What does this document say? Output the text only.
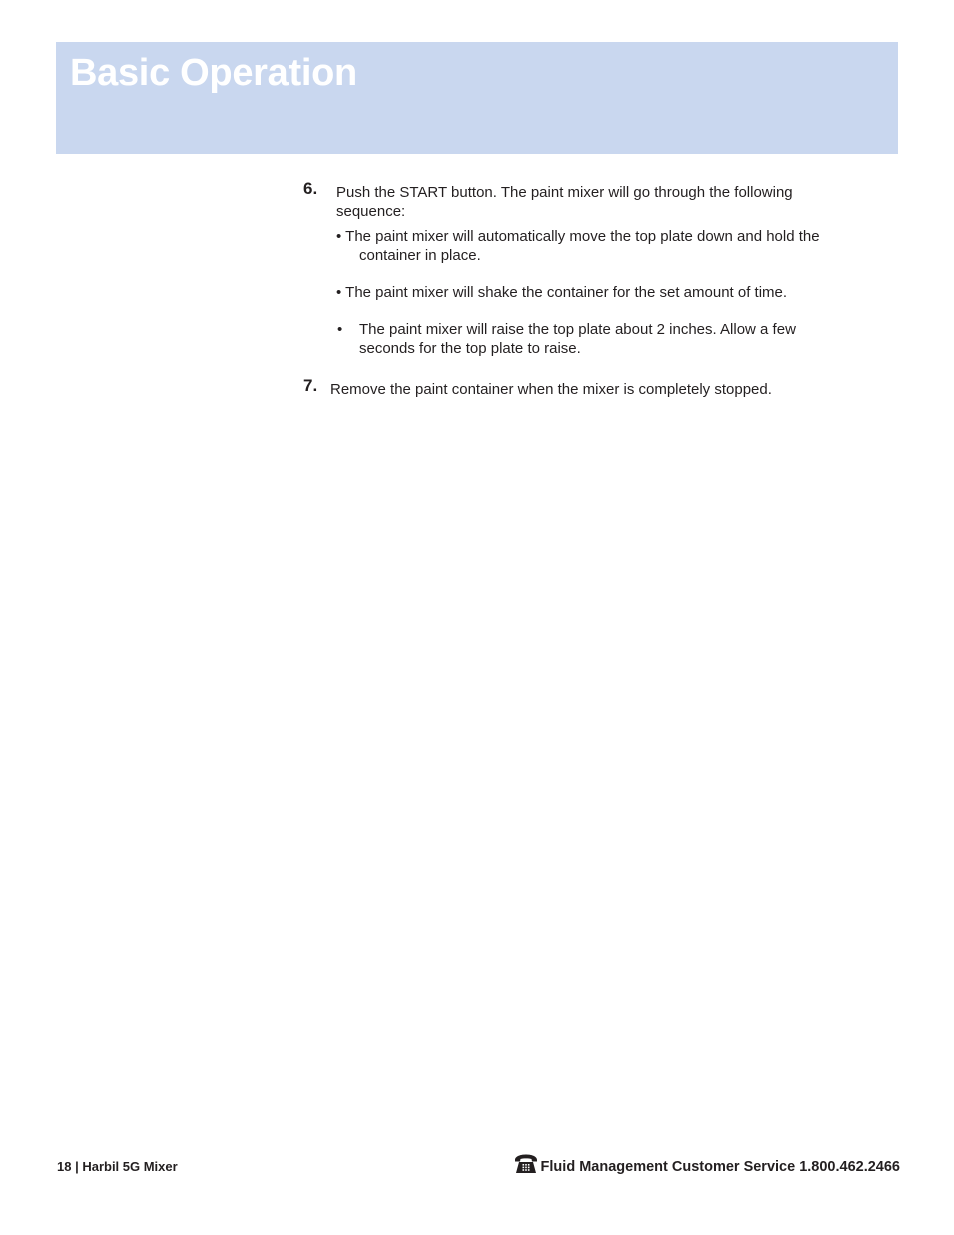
Basic Operation
6. Push the START button. The paint mixer will go through the following sequence:
• The paint mixer will automatically move the top plate down and hold the container in place.
• The paint mixer will shake the container for the set amount of time.
• The paint mixer will raise the top plate about 2 inches. Allow a few seconds for the top plate to raise.
7. Remove the paint container when the mixer is completely stopped.
18 | Harbil 5G Mixer	Fluid Management Customer Service 1.800.462.2466
